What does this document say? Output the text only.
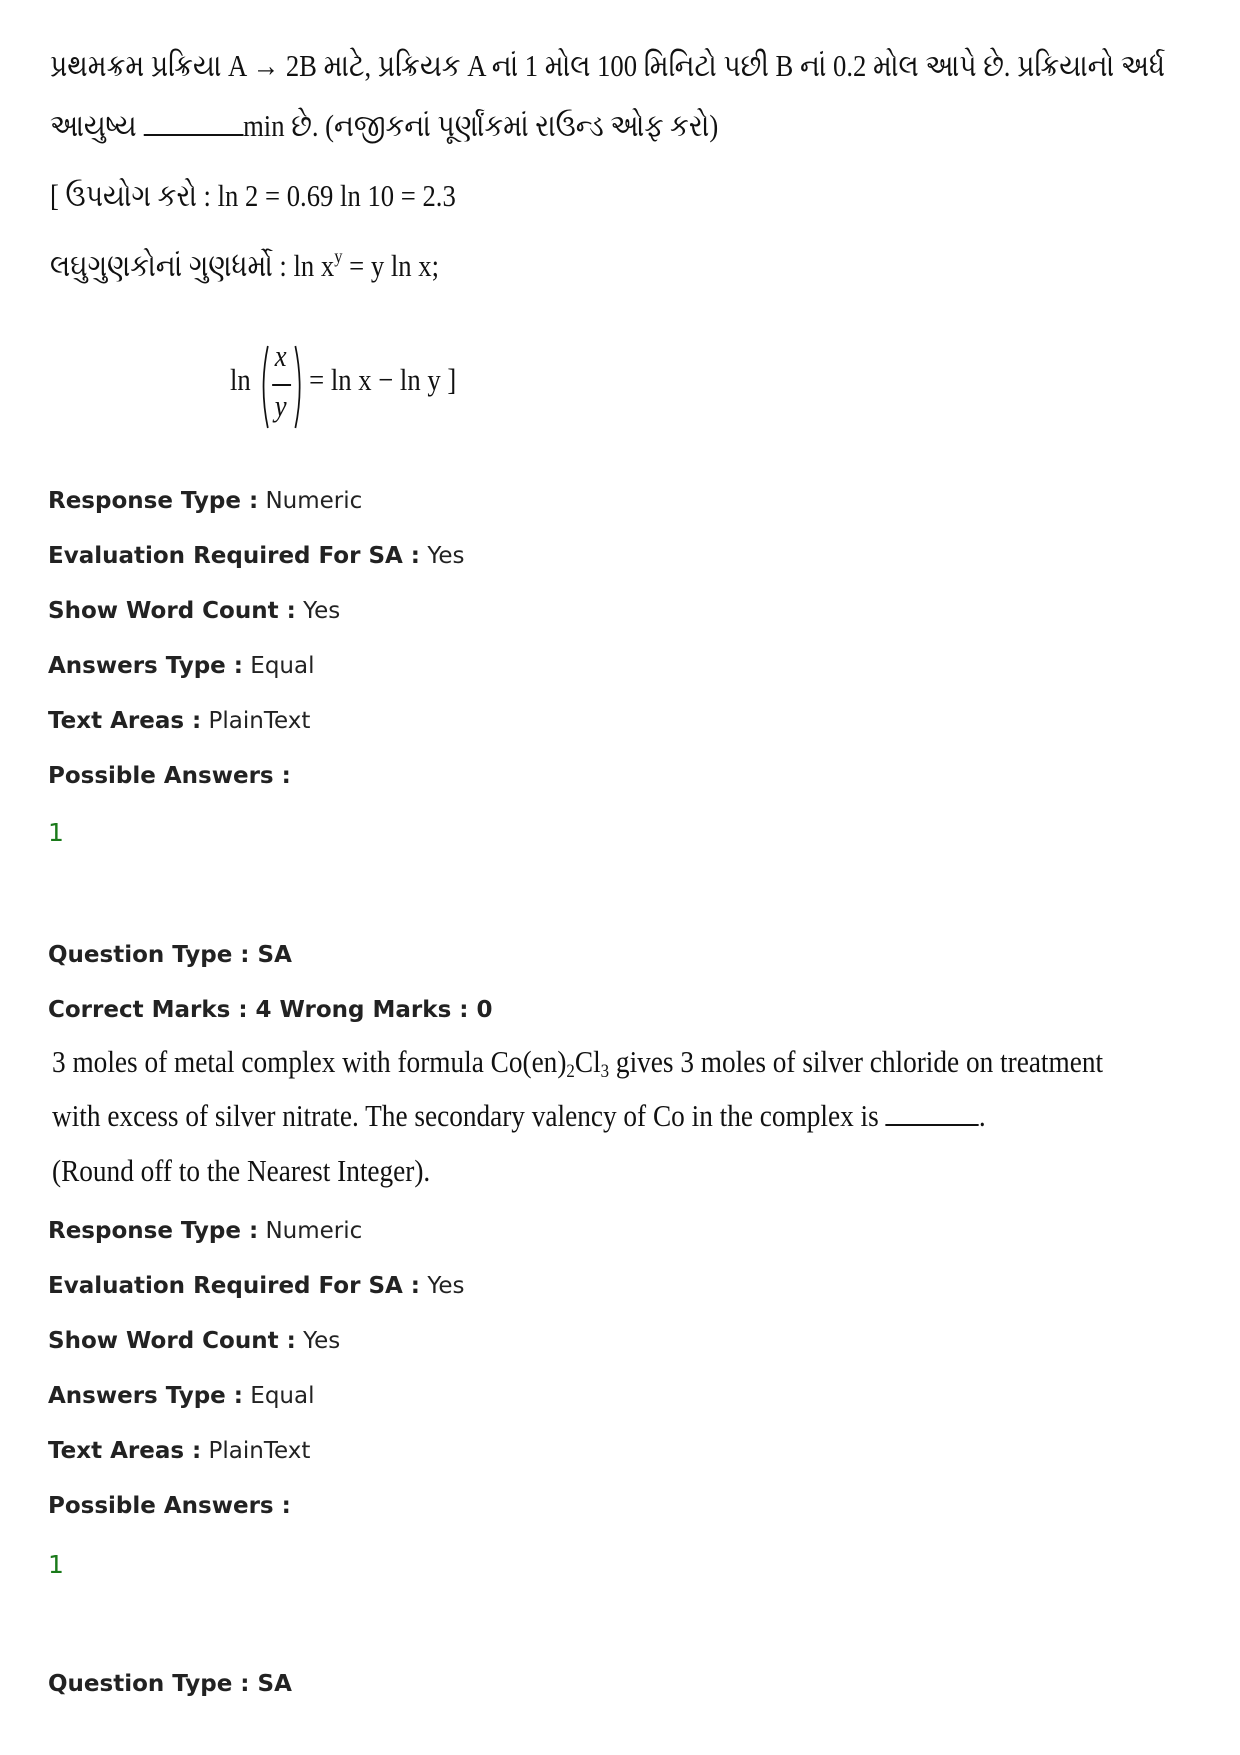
પ્રથમક્રમ પ્રક્રિયા A → 2B માટે, પ્રક્રિયક A નાં 1 મોલ 100 મિનિટો પછી B નાં 0.2 મોલ આપે છે. પ્રક્રિયાનો અર્ધ
આયુષ્ય	min છે. (નજીકનાં પૂર્ણાંકમાં રાઉન્ડ ઓફ કરો)
[ ઉપયોગ કરો : ln 2 = 0.69 ln 10 = 2.3
લઘુગુણકોનાં ગુણધર્મો : $\ln x^y = y$ ln x;
ln
x
y
= ln x − ln y ]
Response Type : Numeric
Evaluation Required For SA : Yes
Show Word Count : Yes
Answers Type : Equal
Text Areas : PlainText
Possible Answers :
1
Question Type : SA
Correct Marks : 4 Wrong Marks : 0
3 moles of metal complex with formula $Co(en)_2Cl_3$ gives 3 moles of silver chloride on treatment
with excess of silver nitrate. The secondary valency of Co in the complex is	.
(Round off to the Nearest Integer).
Response Type : Numeric
Evaluation Required For SA : Yes
Show Word Count : Yes
Answers Type : Equal
Text Areas : PlainText
Possible Answers :
1
Question Type : SA
